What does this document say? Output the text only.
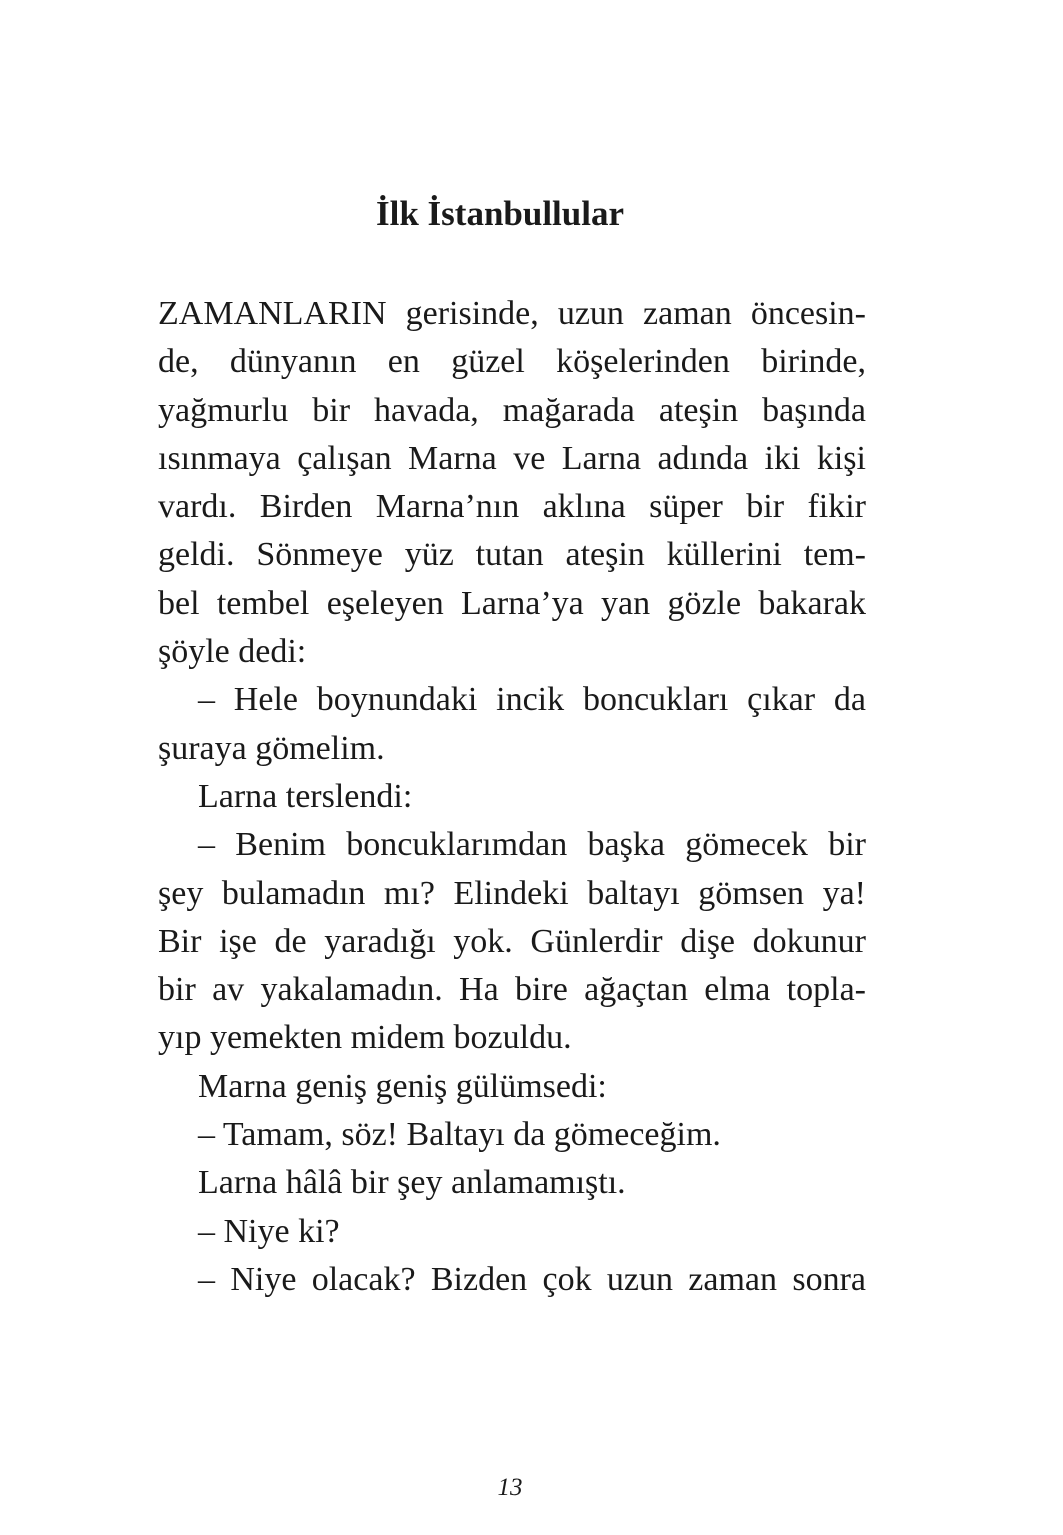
İlk İstanbullular
ZAMANLARIN gerisinde, uzun zaman öncesin-
de, dünyanın en güzel köşelerinden birinde,
yağmurlu bir havada, mağarada ateşin başında
ısınmaya çalışan Marna ve Larna adında iki kişi
vardı. Birden Marna’nın aklına süper bir fikir
geldi. Sönmeye yüz tutan ateşin küllerini tem-
bel tembel eşeleyen Larna’ya yan gözle bakarak
şöyle dedi:
– Hele boynundaki incik boncukları çıkar da
şuraya gömelim.
Larna terslendi:
– Benim boncuklarımdan başka gömecek bir
şey bulamadın mı? Elindeki baltayı gömsen ya!
Bir işe de yaradığı yok. Günlerdir dişe dokunur
bir av yakalamadın. Ha bire ağaçtan elma topla-
yıp yemekten midem bozuldu.
Marna geniş geniş gülümsedi:
– Tamam, söz! Baltayı da gömeceğim.
Larna hâlâ bir şey anlamamıştı.
– Niye ki?
– Niye olacak? Bizden çok uzun zaman sonra
13
